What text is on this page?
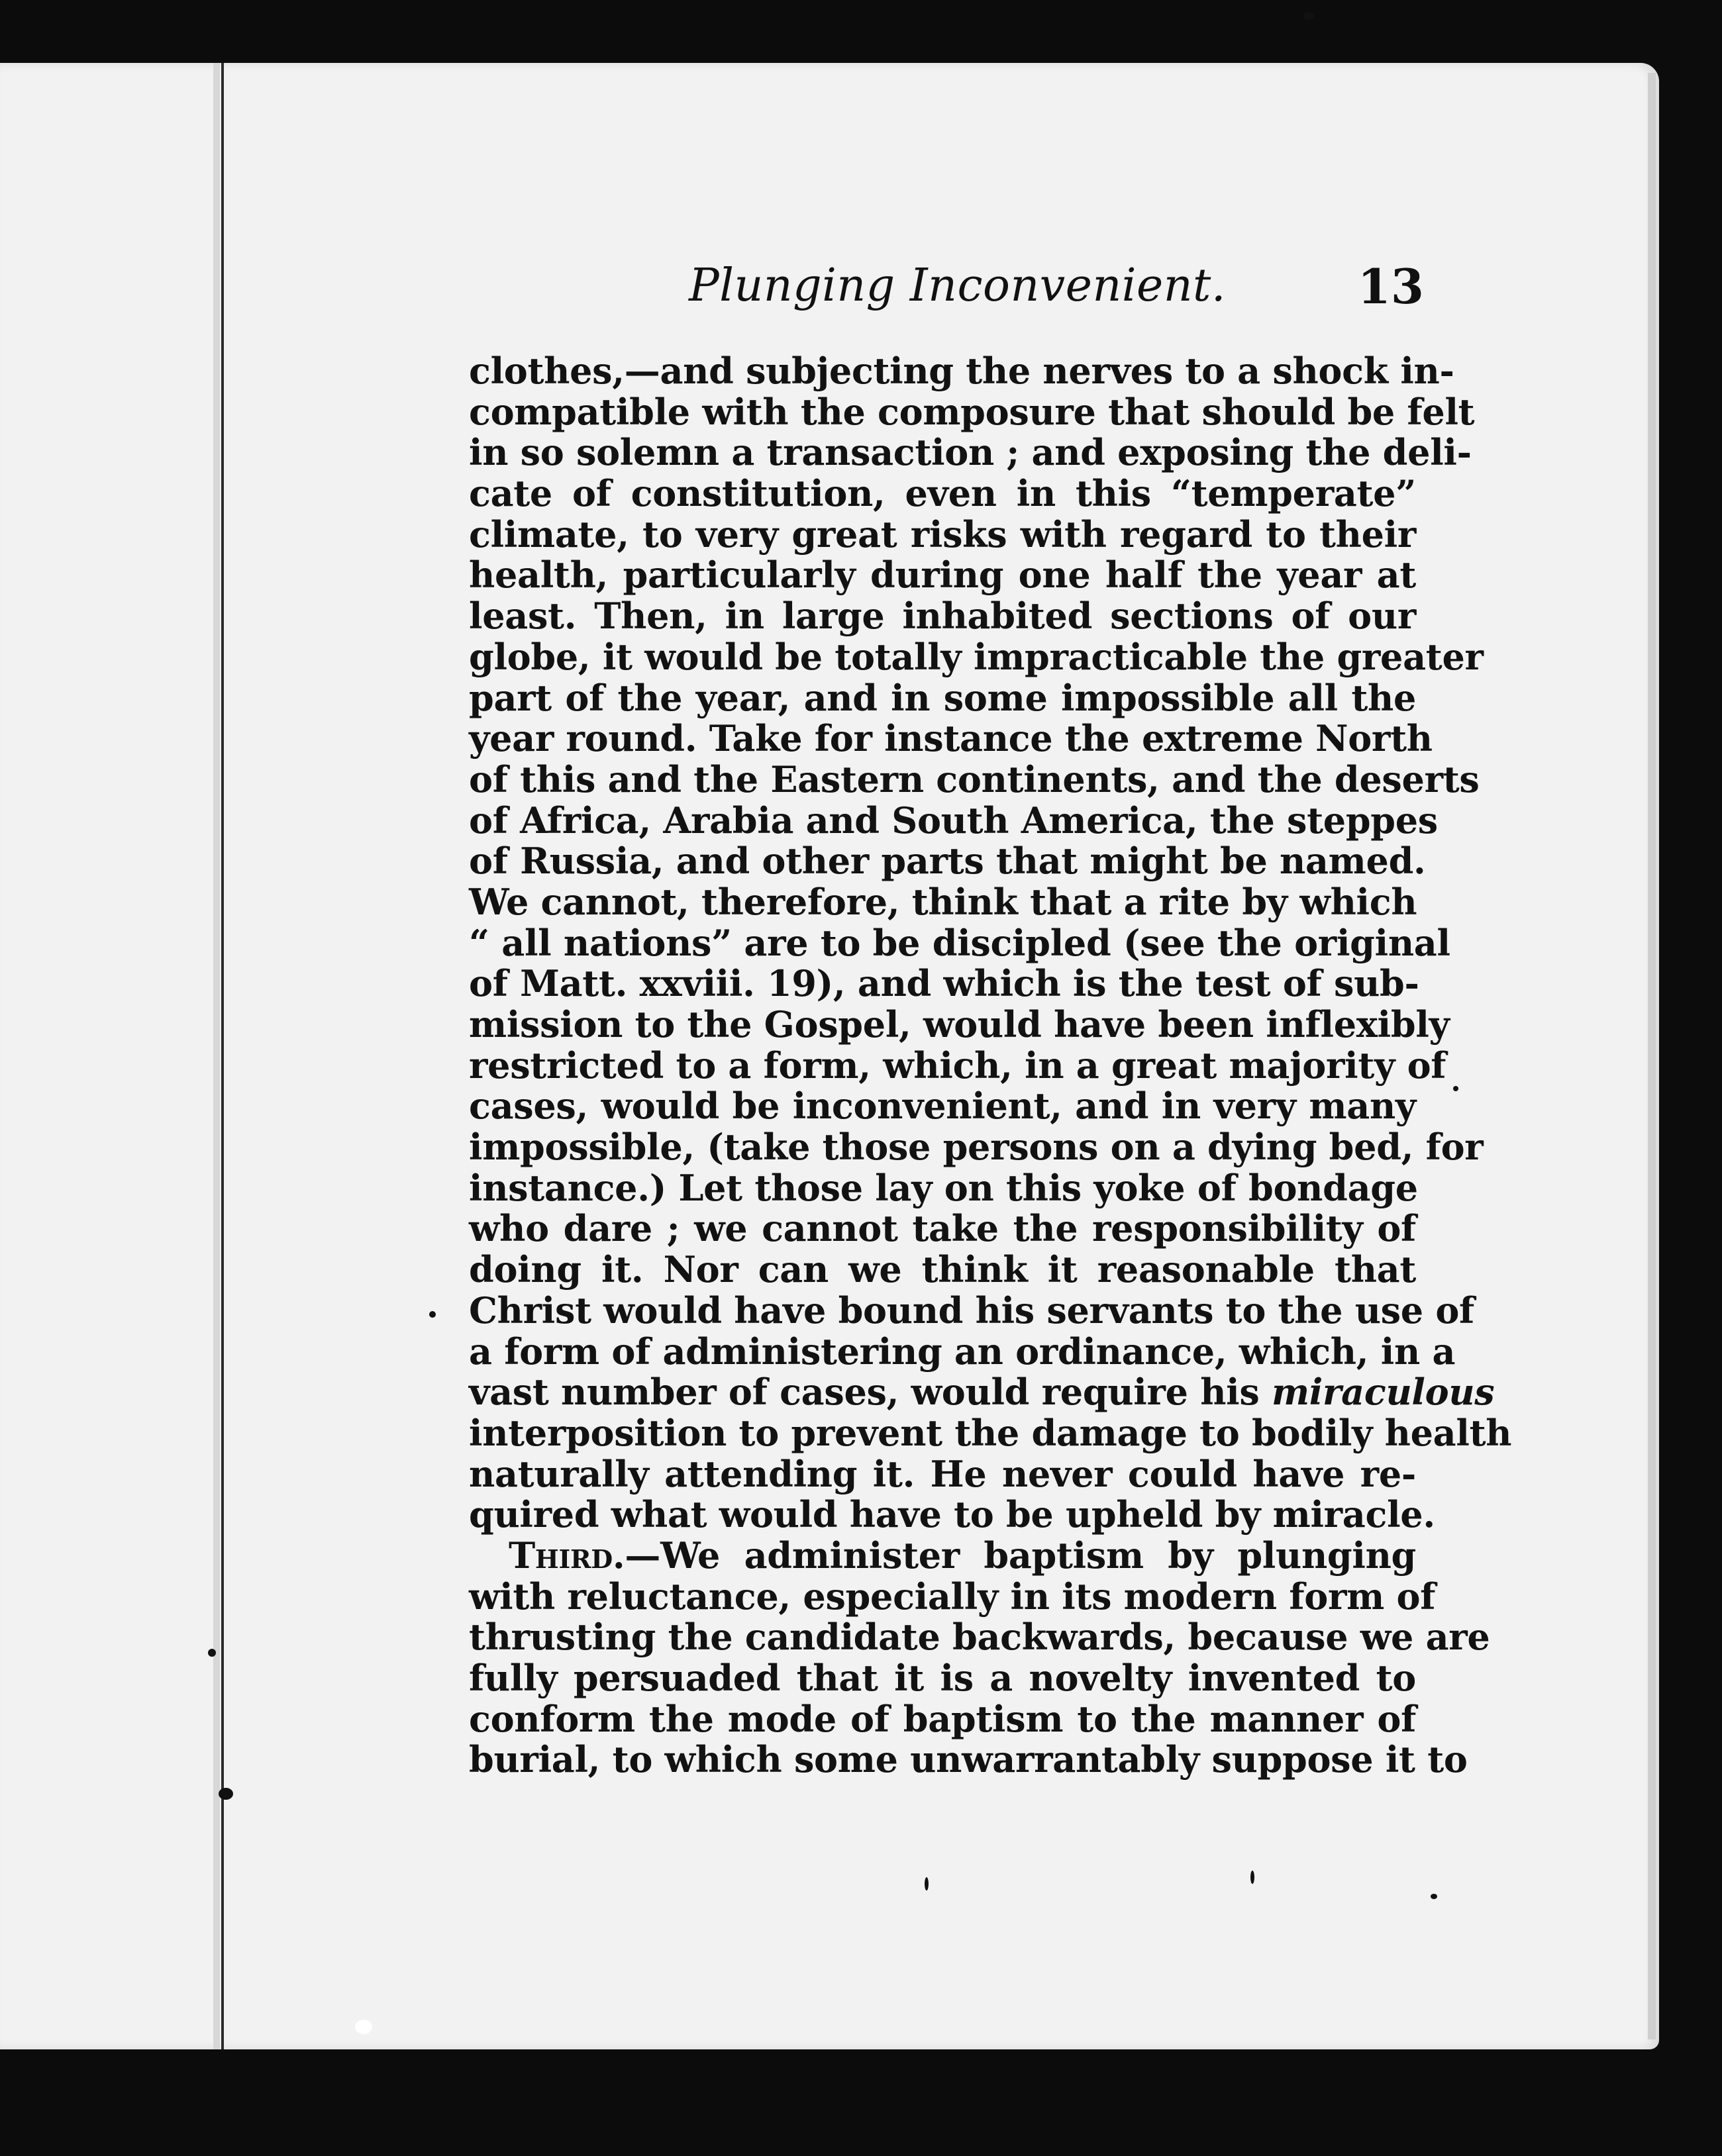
Plunging Inconvenient.	13
clothes,—and subjecting the nerves to a shock in-
compatible with the composure that should be felt
in so solemn a transaction ; and exposing the deli-
cate of constitution, even in this “temperate”
climate, to very great risks with regard to their
health, particularly during one half the year at
least. Then, in large inhabited sections of our
globe, it would be totally impracticable the greater
part of the year, and in some impossible all the
year round. Take for instance the extreme North
of this and the Eastern continents, and the deserts
of Africa, Arabia and South America, the steppes
of Russia, and other parts that might be named.
We cannot, therefore, think that a rite by which
“ all nations” are to be discipled (see the original
of Matt. xxviii. 19), and which is the test of sub-
mission to the Gospel, would have been inflexibly
restricted to a form, which, in a great majority of
cases, would be inconvenient, and in very many
impossible, (take those persons on a dying bed, for
instance.) Let those lay on this yoke of bondage
who dare ; we cannot take the responsibility of
doing it. Nor can we think it reasonable that
Christ would have bound his servants to the use of
a form of administering an ordinance, which, in a
vast number of cases, would require his miraculous
interposition to prevent the damage to bodily health
naturally attending it. He never could have re-
quired what would have to be upheld by miracle.
Third.—We administer baptism by plunging
with reluctance, especially in its modern form of
thrusting the candidate backwards, because we are
fully persuaded that it is a novelty invented to
conform the mode of baptism to the manner of
burial, to which some unwarrantably suppose it to
